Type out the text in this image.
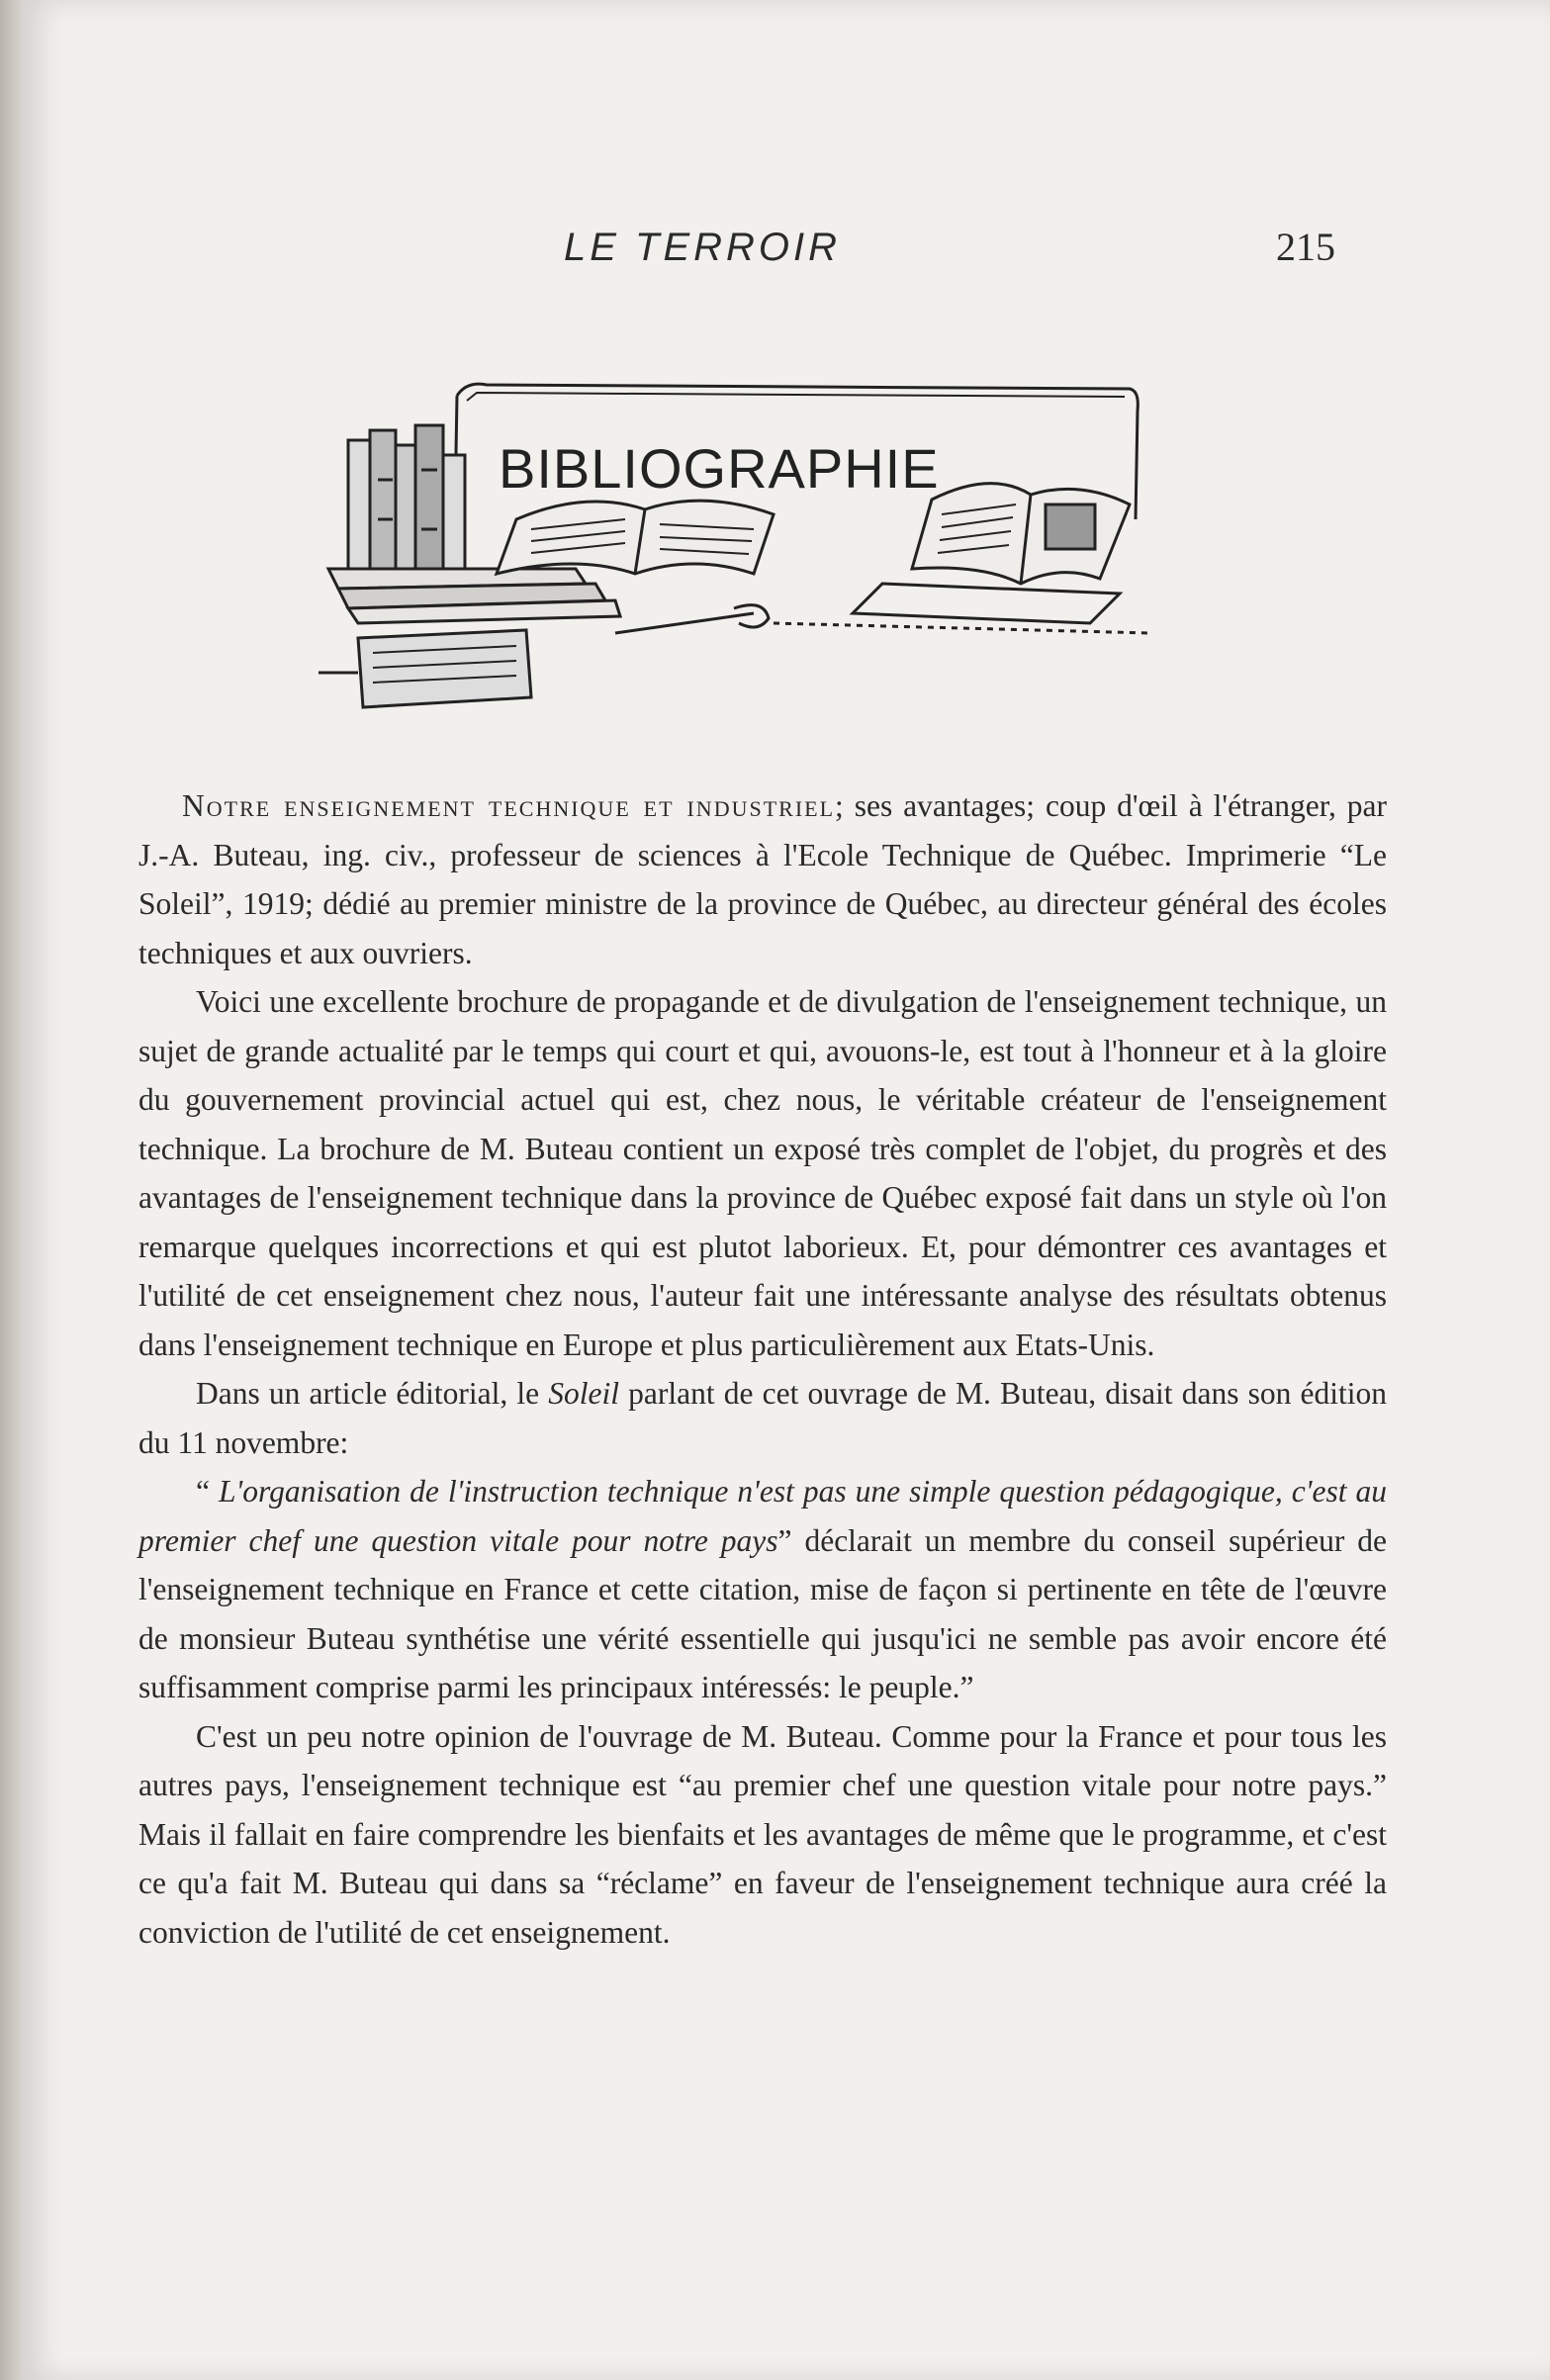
LE TERROIR	215
BIBLIOGRAPHIE

Notre enseignement technique et industriel; ses avantages; coup d'œil à l'étranger, par J.-A. Buteau, ing. civ., professeur de sciences à l'Ecole Technique de Québec. Imprimerie “Le Soleil”, 1919; dédié au premier ministre de la province de Québec, au directeur général des écoles techniques et aux ouvriers.

Voici une excellente brochure de propagande et de divulgation de l'enseignement technique, un sujet de grande actualité par le temps qui court et qui, avouons-le, est tout à l'honneur et à la gloire du gouvernement provincial actuel qui est, chez nous, le véritable créateur de l'enseignement technique. La brochure de M. Buteau contient un exposé très complet de l'objet, du progrès et des avantages de l'enseignement technique dans la province de Québec exposé fait dans un style où l'on remarque quelques incorrections et qui est plutot laborieux. Et, pour démontrer ces avantages et l'utilité de cet enseignement chez nous, l'auteur fait une intéressante analyse des résultats obtenus dans l'enseignement technique en Europe et plus particulièrement aux Etats-Unis.

Dans un article éditorial, le Soleil parlant de cet ouvrage de M. Buteau, disait dans son édition du 11 novembre:

“ L'organisation de l'instruction technique n'est pas une simple question pédagogique, c'est au premier chef une question vitale pour notre pays” déclarait un membre du conseil supérieur de l'enseignement technique en France et cette citation, mise de façon si pertinente en tête de l'œuvre de monsieur Buteau synthétise une vérité essentielle qui jusqu'ici ne semble pas avoir encore été suffisamment comprise parmi les principaux intéressés: le peuple.”

C'est un peu notre opinion de l'ouvrage de M. Buteau. Comme pour la France et pour tous les autres pays, l'enseignement technique est “au premier chef une question vitale pour notre pays.” Mais il fallait en faire comprendre les bienfaits et les avantages de même que le programme, et c'est ce qu'a fait M. Buteau qui dans sa “réclame” en faveur de l'enseignement technique aura créé la conviction de l'utilité de cet enseignement.
